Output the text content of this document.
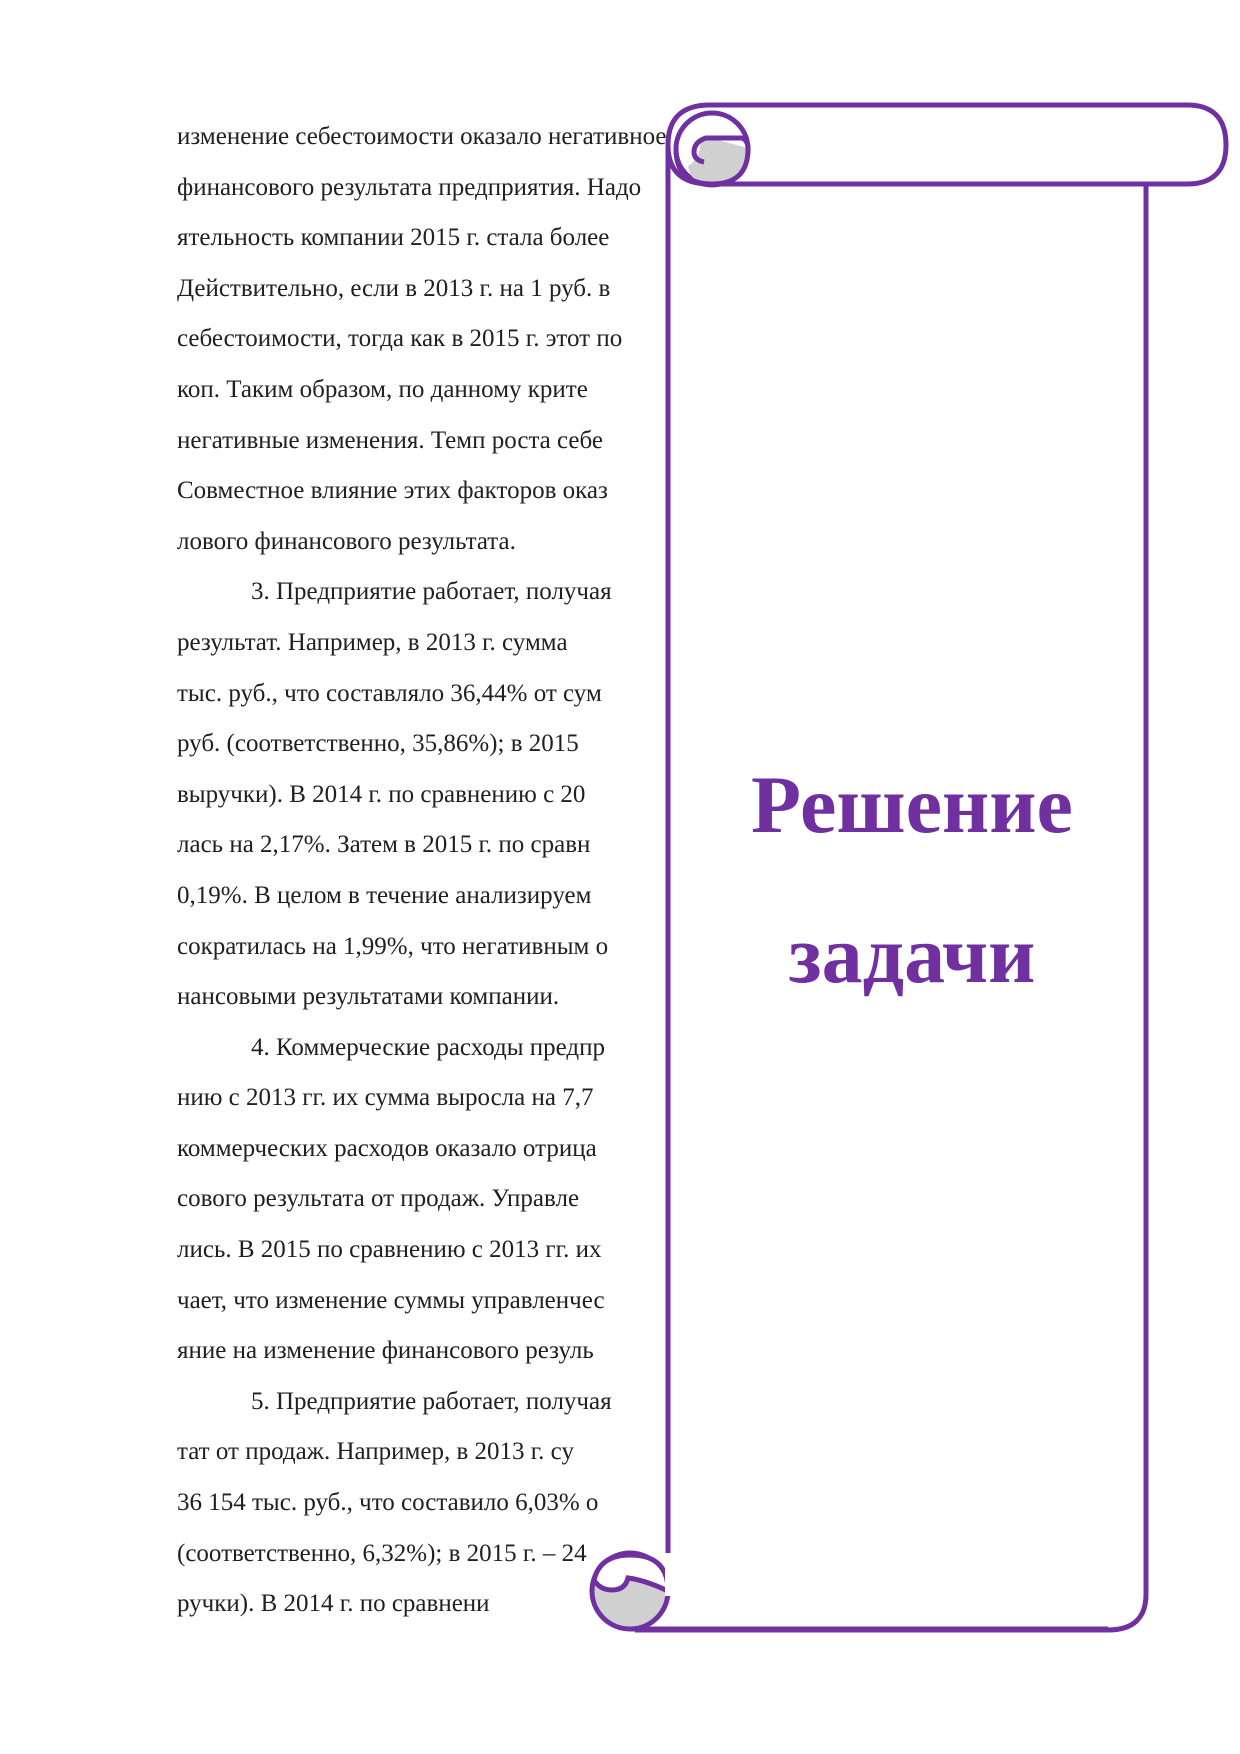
изменение себестоимости оказало негативное
финансового результата предприятия. Надо
ятельность компании 2015 г. стала более
Действительно, если в 2013 г. на 1 руб. в
себестоимости, тогда как в 2015 г. этот по
коп. Таким образом, по данному крите
негативные изменения. Темп роста себе
Совместное влияние этих факторов оказ
лового финансового результата.
3. Предприятие работает, получая
результат. Например, в 2013 г. сумма
тыс. руб., что составляло 36,44% от сум
руб. (соответственно, 35,86%); в 2015
выручки). В 2014 г. по сравнению с 20
лась на 2,17%. Затем в 2015 г. по сравн
0,19%. В целом в течение анализируем
сократилась на 1,99%, что негативным о
нансовыми результатами компании.
4. Коммерческие расходы предпр
нию с 2013 гг. их сумма выросла на 7,7
коммерческих расходов оказало отрица
сового результата от продаж. Управле
лись. В 2015 по сравнению с 2013 гг. их
чает, что изменение суммы управленчес
яние на изменение финансового резуль
5. Предприятие работает, получая
тат от продаж. Например, в 2013 г. су
36 154 тыс. руб., что составило 6,03% о
(соответственно, 6,32%); в 2015 г. – 24
ручки). В 2014 г. по сравнени
Решение
задачи
